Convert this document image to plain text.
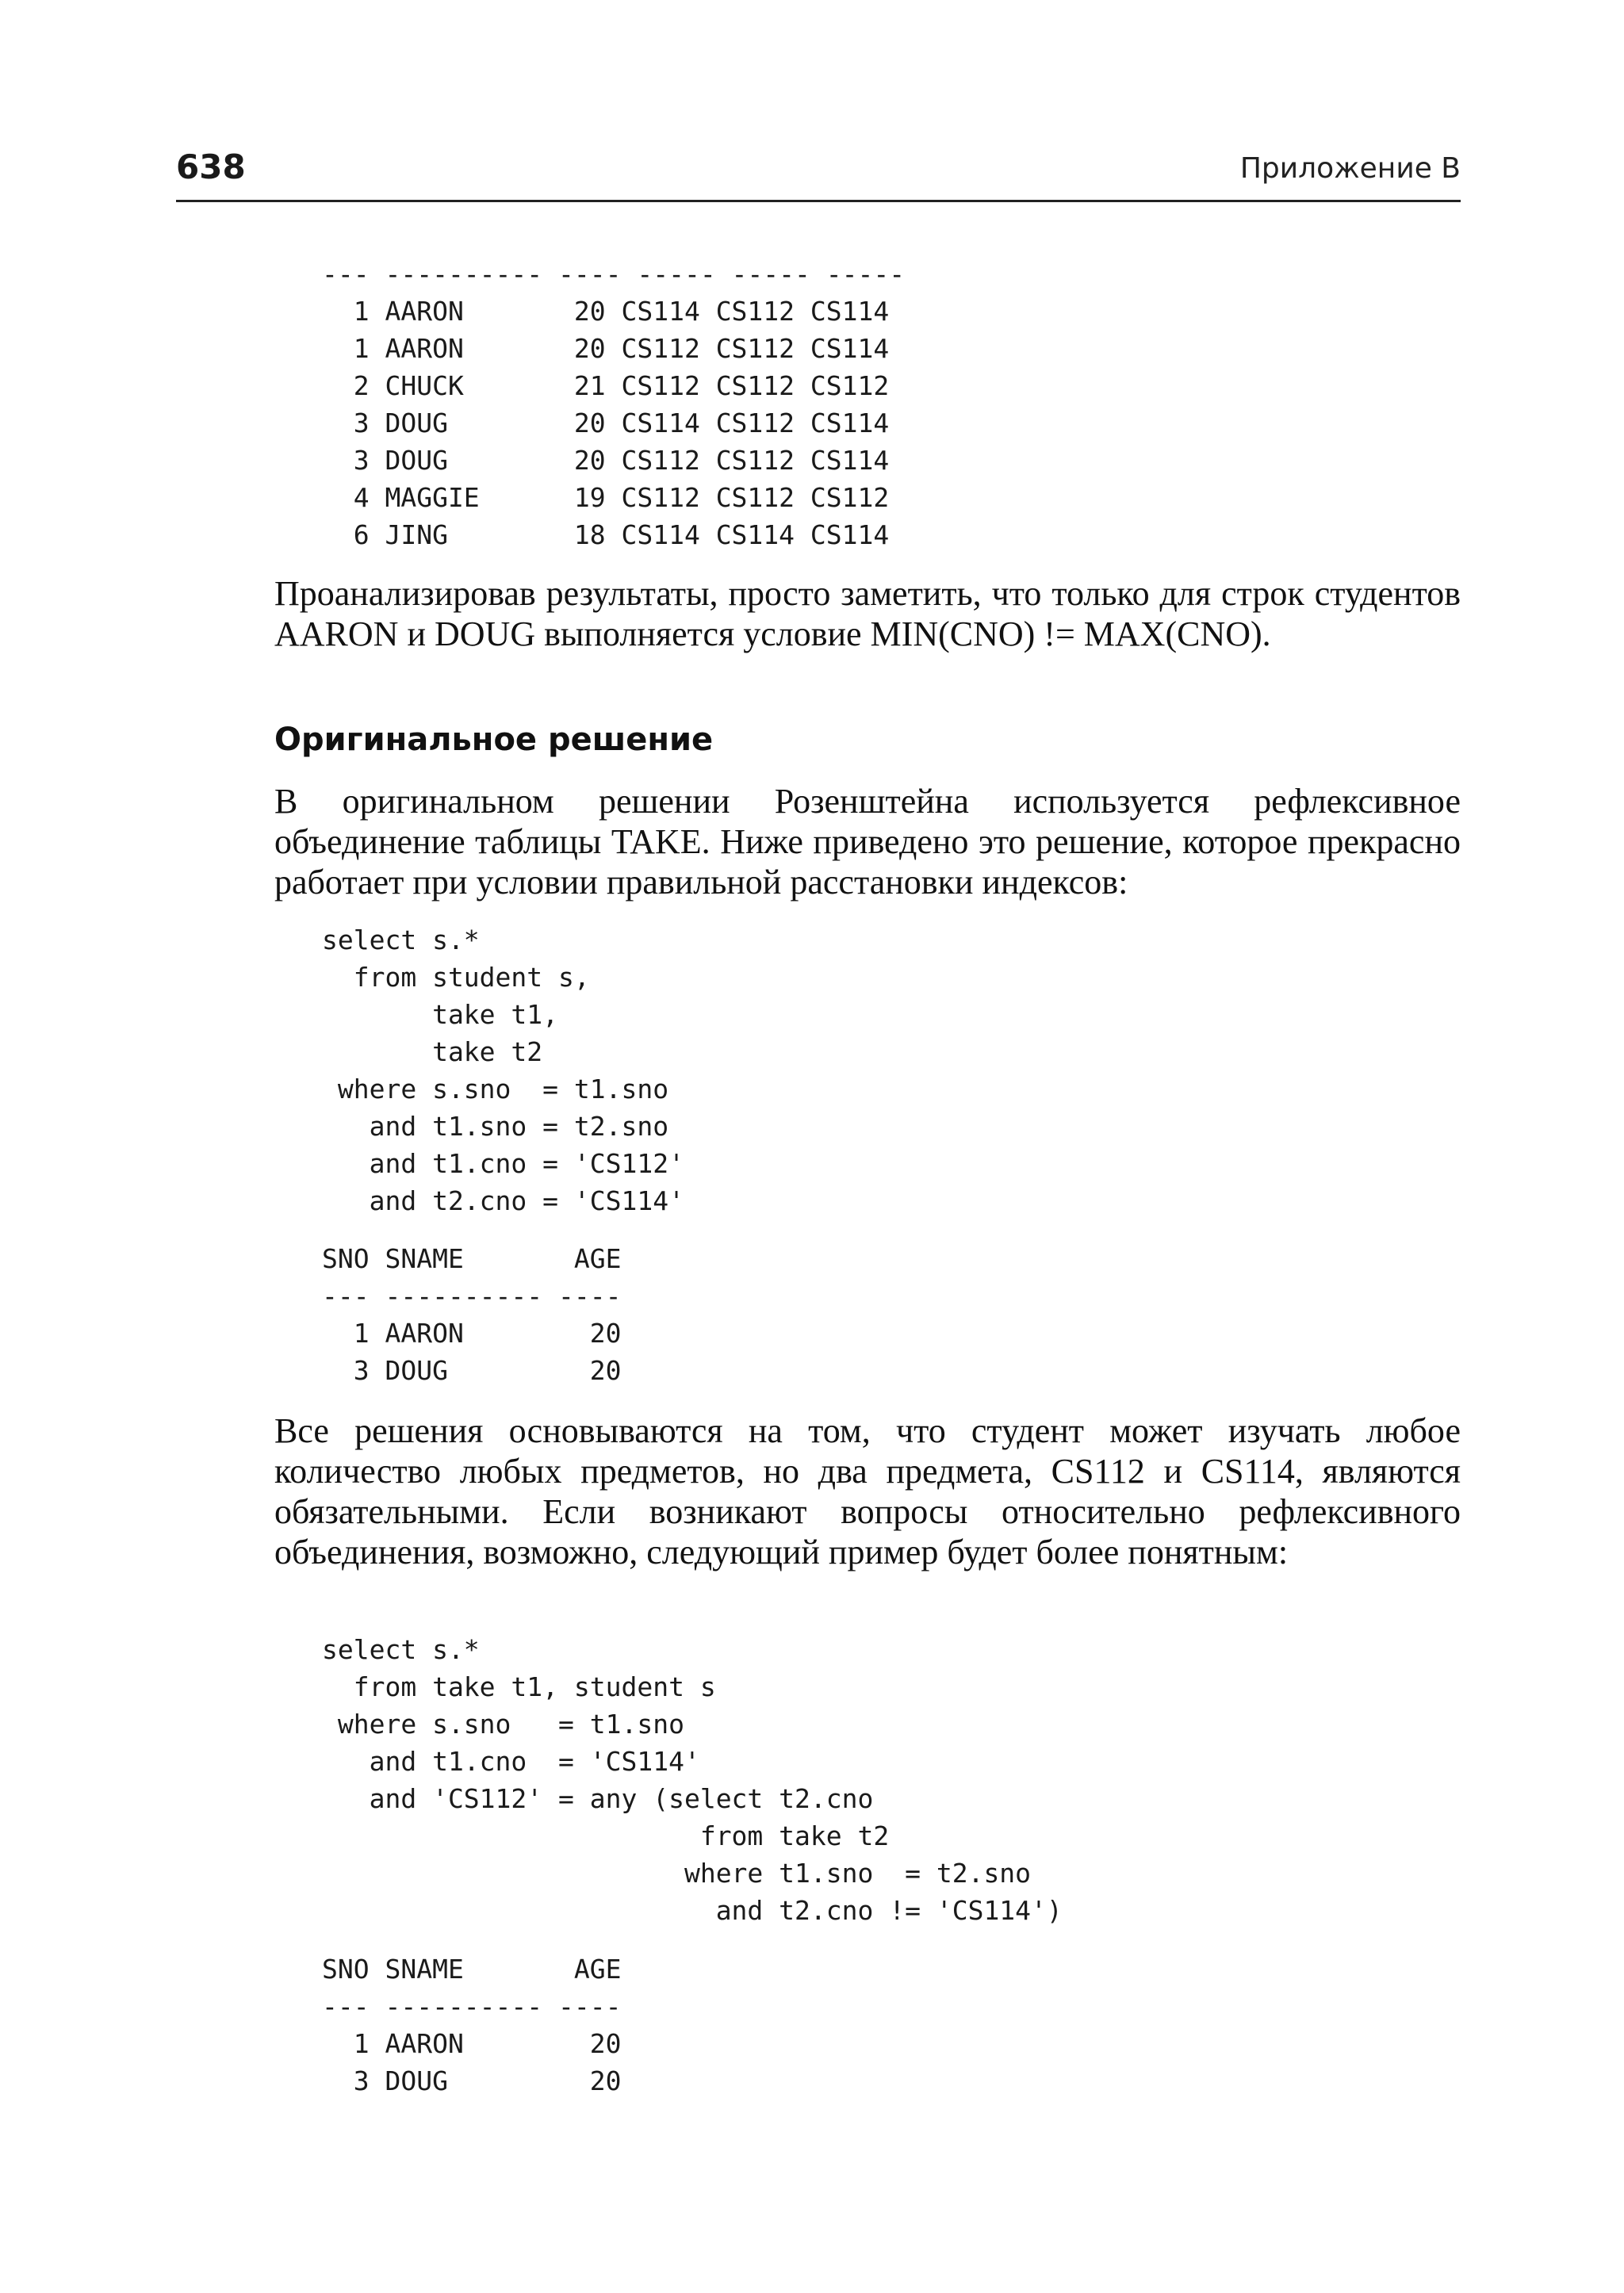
638	Приложение В
--- ---------- ---- ----- ----- -----
1 AARON       20 CS114 CS112 CS114
1 AARON       20 CS112 CS112 CS114
2 CHUCK       21 CS112 CS112 CS112
3 DOUG        20 CS114 CS112 CS114
3 DOUG        20 CS112 CS112 CS114
4 MAGGIE      19 CS112 CS112 CS112
6 JING        18 CS114 CS114 CS114

Проанализировав результаты, просто заметить, что только для строк студентов AARON и DOUG выполняется условие MIN(CNO) != MAX(CNO).

Оригинальное решение

В оригинальном решении Розенштейна используется рефлексивное объединение таблицы TAKE. Ниже приведено это решение, которое прекрасно работает при условии правильной расстановки индексов:

select s.*
from student s,
take t1,
take t2
where s.sno  = t1.sno
and t1.sno = t2.sno
and t1.cno = 'CS112'
and t2.cno = 'CS114'
SNO SNAME       AGE
--- ---------- ----
1 AARON        20
3 DOUG         20

Все решения основываются на том, что студент может изучать любое количество любых предметов, но два предмета, CS112 и CS114, являются обязательными. Если возникают вопросы относительно рефлексивного объединения, возможно, следующий пример будет более понятным:

select s.*
from take t1, student s
where s.sno   = t1.sno
and t1.cno  = 'CS114'
and 'CS112' = any (select t2.cno
from take t2
where t1.sno  = t2.sno
and t2.cno != 'CS114')
SNO SNAME       AGE
--- ---------- ----
1 AARON        20
3 DOUG         20
